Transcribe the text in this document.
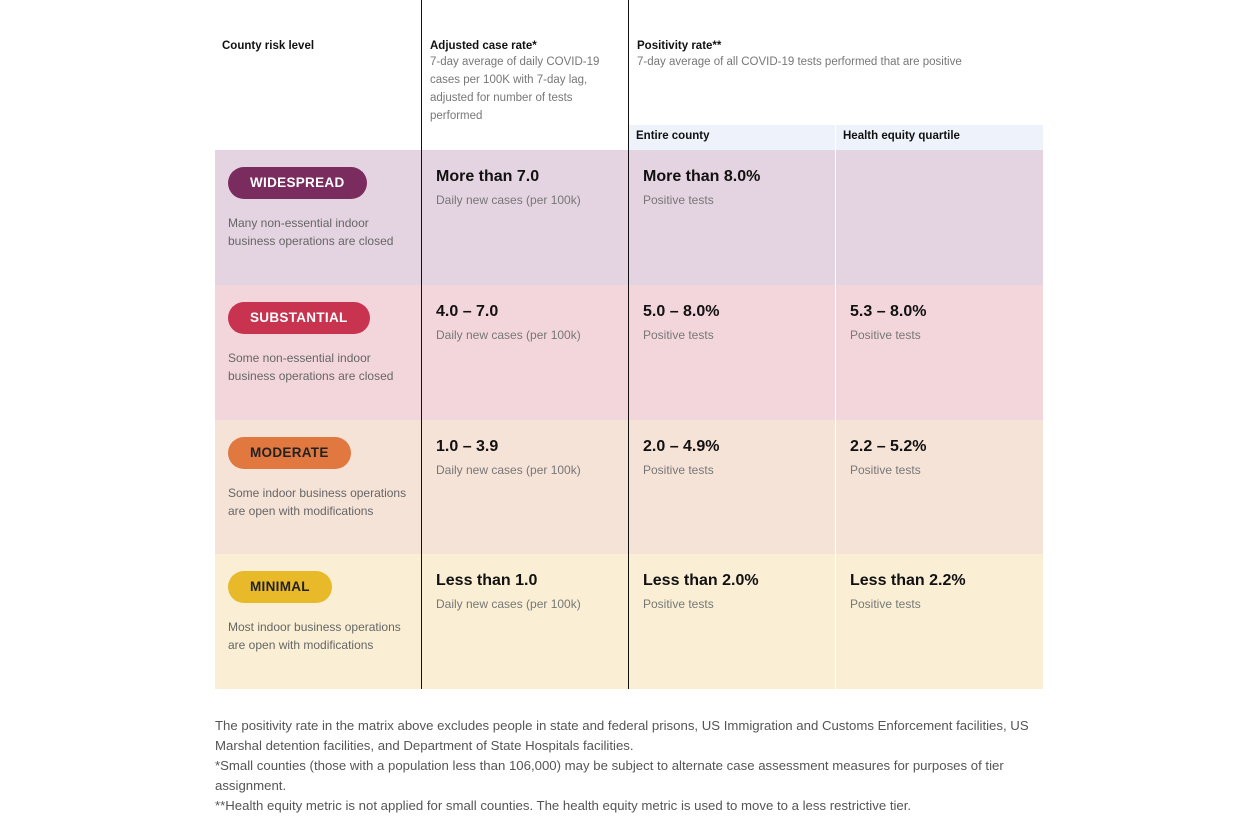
County risk level	Adjusted case rate*
7-day average of daily COVID-19 cases per 100K with 7-day lag, adjusted for number of tests performed
Positivity rate**
7-day average of all COVID-19 tests performed that are positive
Entire county	Health equity quartile
WIDESPREAD
Many non-essential indoor business operations are closed
More than 7.0
Daily new cases (per 100k)
More than 8.0%
Positive tests
SUBSTANTIAL
Some non-essential indoor business operations are closed
4.0 – 7.0
Daily new cases (per 100k)
5.0 – 8.0%
Positive tests
5.3 – 8.0%
Positive tests
MODERATE
Some indoor business operations are open with modifications
1.0 – 3.9
Daily new cases (per 100k)
2.0 – 4.9%
Positive tests
2.2 – 5.2%
Positive tests
MINIMAL
Most indoor business operations are open with modifications
Less than 1.0
Daily new cases (per 100k)
Less than 2.0%
Positive tests
Less than 2.2%
Positive tests

The positivity rate in the matrix above excludes people in state and federal prisons, US Immigration and Customs Enforcement facilities, US Marshal detention facilities, and Department of State Hospitals facilities.

*Small counties (those with a population less than 106,000) may be subject to alternate case assessment measures for purposes of tier assignment.

**Health equity metric is not applied for small counties. The health equity metric is used to move to a less restrictive tier.
